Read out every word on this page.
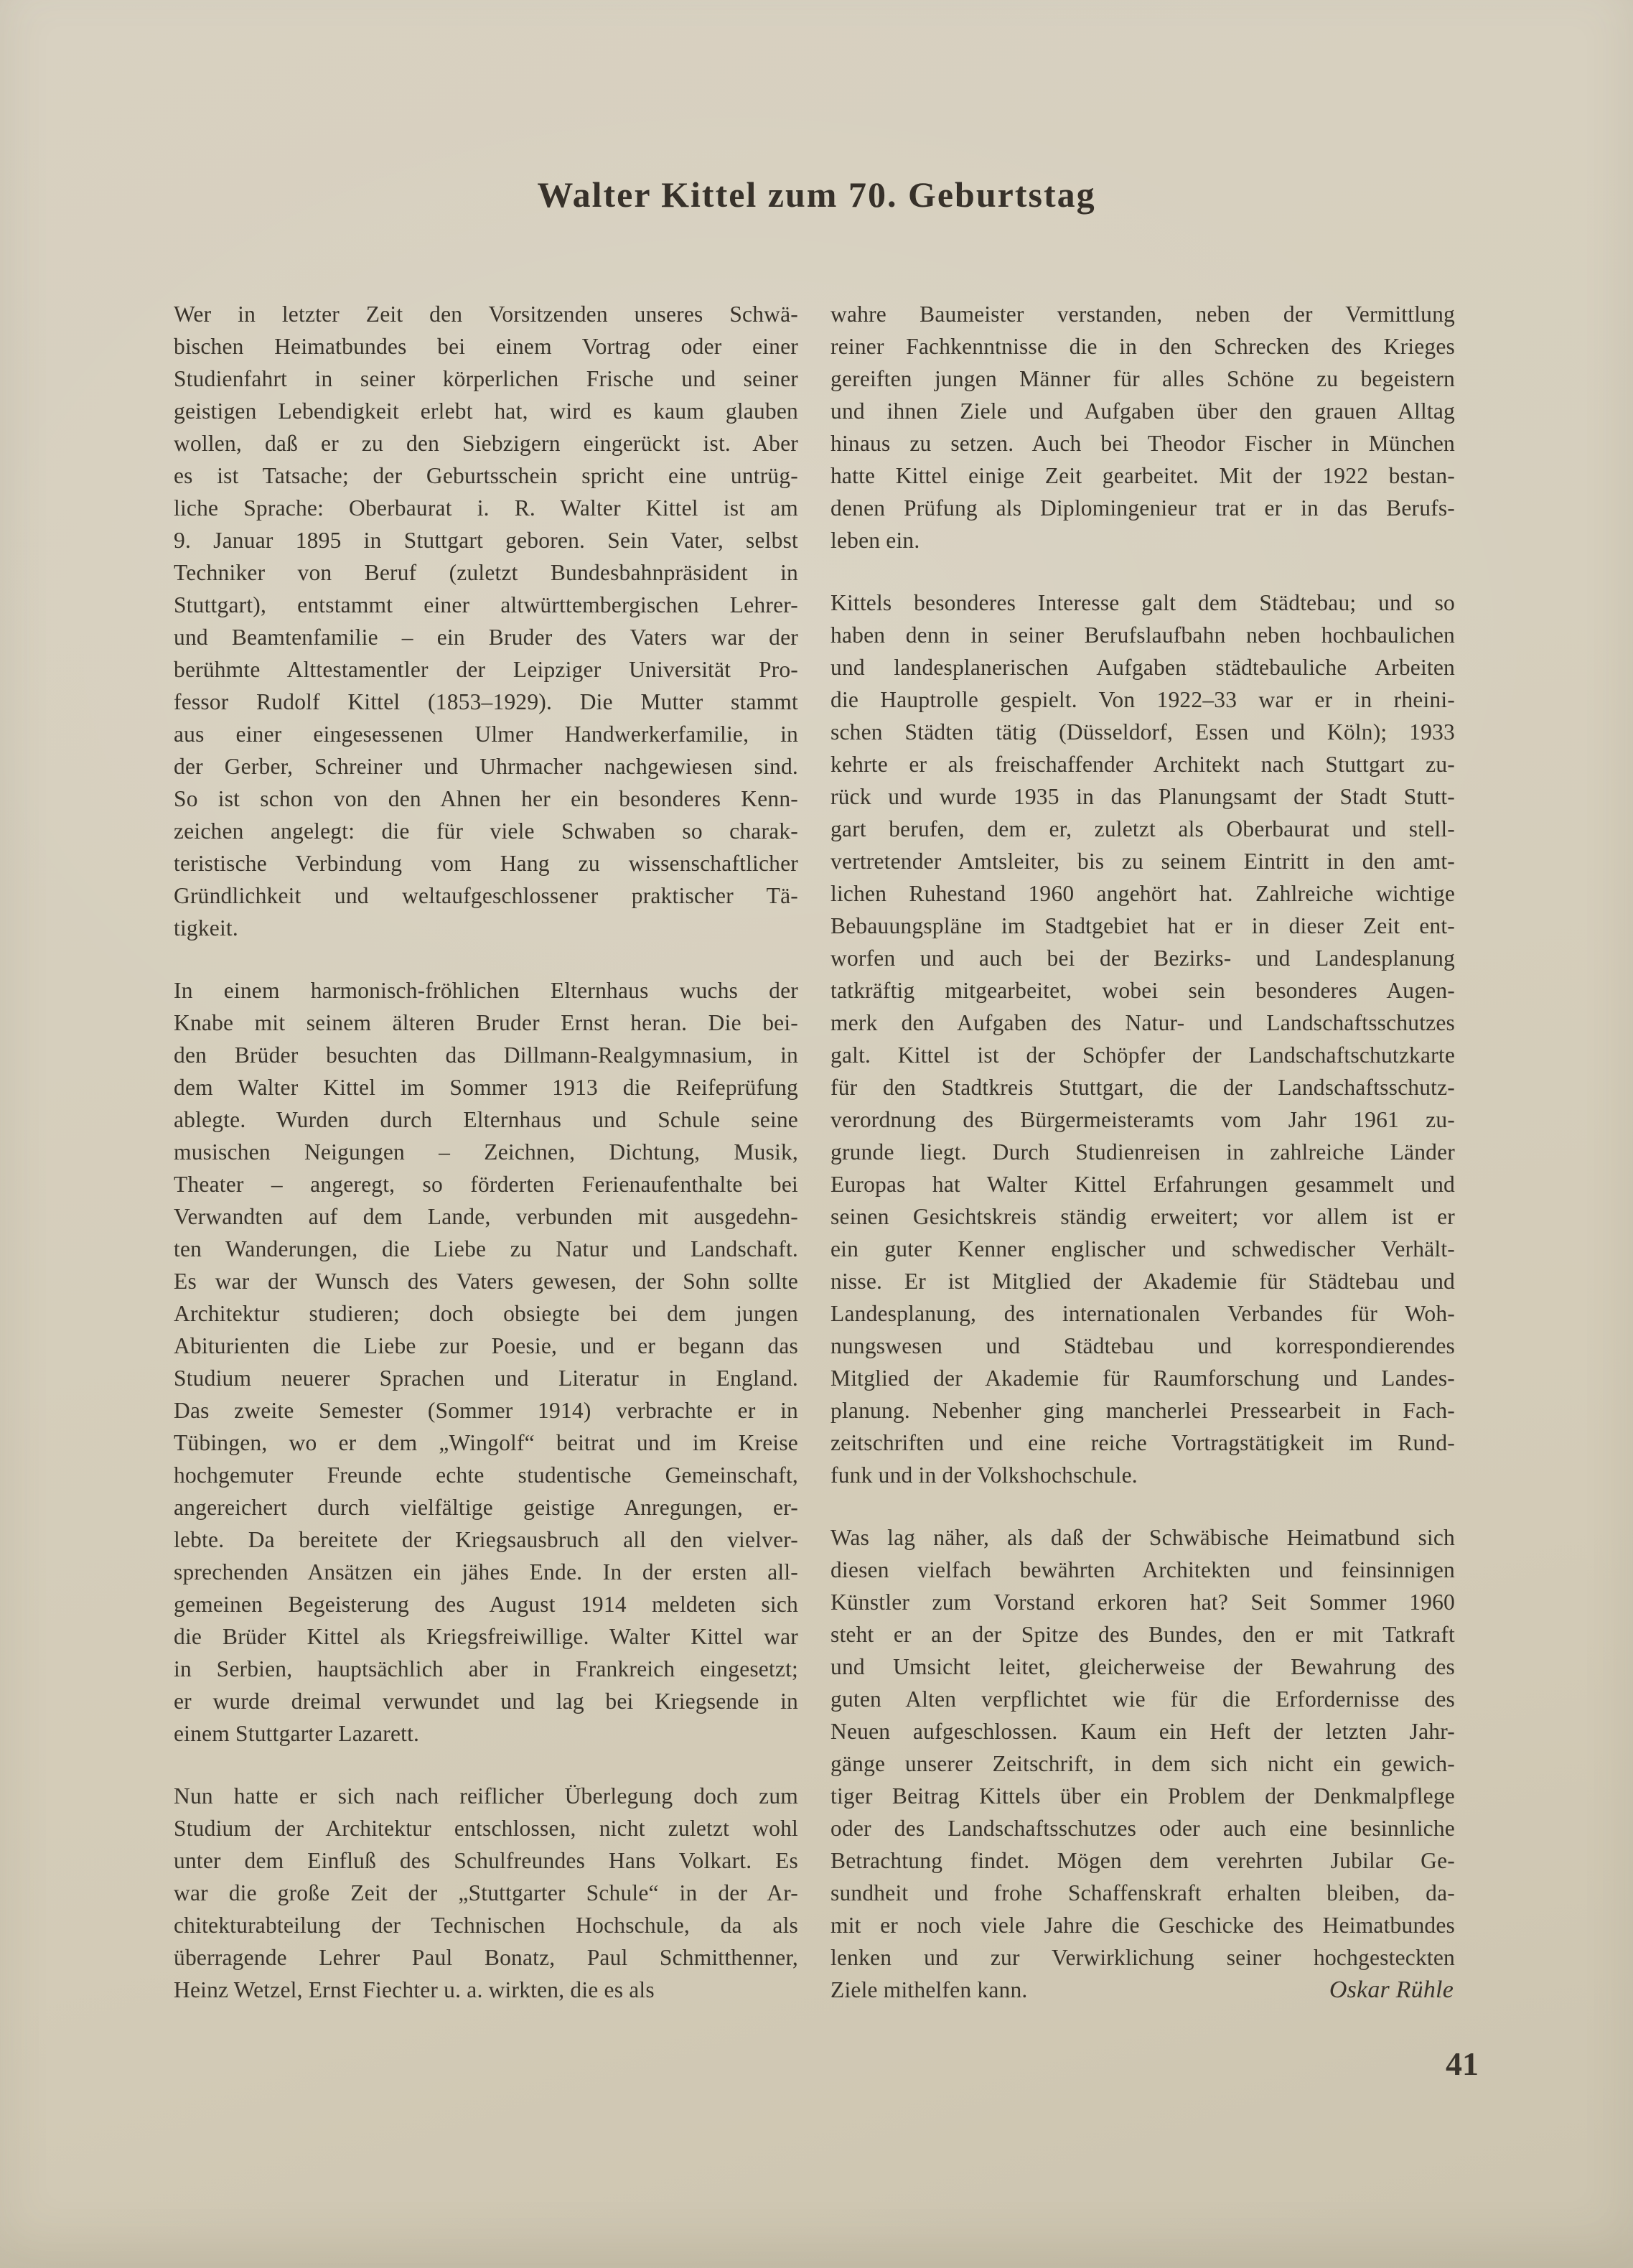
Walter Kittel zum 70. Geburtstag
Wer in letzter Zeit den Vorsitzenden unseres Schwä-
bischen Heimatbundes bei einem Vortrag oder einer
Studienfahrt in seiner körperlichen Frische und seiner
geistigen Lebendigkeit erlebt hat, wird es kaum glauben
wollen, daß er zu den Siebzigern eingerückt ist. Aber
es ist Tatsache; der Geburtsschein spricht eine untrüg-
liche Sprache: Oberbaurat i. R. Walter Kittel ist am
9. Januar 1895 in Stuttgart geboren. Sein Vater, selbst
Techniker von Beruf (zuletzt Bundesbahnpräsident in
Stuttgart), entstammt einer altwürttembergischen Lehrer-
und Beamtenfamilie – ein Bruder des Vaters war der
berühmte Alttestamentler der Leipziger Universität Pro-
fessor Rudolf Kittel (1853–1929). Die Mutter stammt
aus einer eingesessenen Ulmer Handwerkerfamilie, in
der Gerber, Schreiner und Uhrmacher nachgewiesen sind.
So ist schon von den Ahnen her ein besonderes Kenn-
zeichen angelegt: die für viele Schwaben so charak-
teristische Verbindung vom Hang zu wissenschaftlicher
Gründlichkeit und weltaufgeschlossener praktischer Tä-
tigkeit.
In einem harmonisch-fröhlichen Elternhaus wuchs der
Knabe mit seinem älteren Bruder Ernst heran. Die bei-
den Brüder besuchten das Dillmann-Realgymnasium, in
dem Walter Kittel im Sommer 1913 die Reifeprüfung
ablegte. Wurden durch Elternhaus und Schule seine
musischen Neigungen – Zeichnen, Dichtung, Musik,
Theater – angeregt, so förderten Ferienaufenthalte bei
Verwandten auf dem Lande, verbunden mit ausgedehn-
ten Wanderungen, die Liebe zu Natur und Landschaft.
Es war der Wunsch des Vaters gewesen, der Sohn sollte
Architektur studieren; doch obsiegte bei dem jungen
Abiturienten die Liebe zur Poesie, und er begann das
Studium neuerer Sprachen und Literatur in England.
Das zweite Semester (Sommer 1914) verbrachte er in
Tübingen, wo er dem „Wingolf“ beitrat und im Kreise
hochgemuter Freunde echte studentische Gemeinschaft,
angereichert durch vielfältige geistige Anregungen, er-
lebte. Da bereitete der Kriegsausbruch all den vielver-
sprechenden Ansätzen ein jähes Ende. In der ersten all-
gemeinen Begeisterung des August 1914 meldeten sich
die Brüder Kittel als Kriegsfreiwillige. Walter Kittel war
in Serbien, hauptsächlich aber in Frankreich eingesetzt;
er wurde dreimal verwundet und lag bei Kriegsende in
einem Stuttgarter Lazarett.
Nun hatte er sich nach reiflicher Überlegung doch zum
Studium der Architektur entschlossen, nicht zuletzt wohl
unter dem Einfluß des Schulfreundes Hans Volkart. Es
war die große Zeit der „Stuttgarter Schule“ in der Ar-
chitekturabteilung der Technischen Hochschule, da als
überragende Lehrer Paul Bonatz, Paul Schmitthenner,
Heinz Wetzel, Ernst Fiechter u. a. wirkten, die es als
wahre Baumeister verstanden, neben der Vermittlung
reiner Fachkenntnisse die in den Schrecken des Krieges
gereiften jungen Männer für alles Schöne zu begeistern
und ihnen Ziele und Aufgaben über den grauen Alltag
hinaus zu setzen. Auch bei Theodor Fischer in München
hatte Kittel einige Zeit gearbeitet. Mit der 1922 bestan-
denen Prüfung als Diplomingenieur trat er in das Berufs-
leben ein.
Kittels besonderes Interesse galt dem Städtebau; und so
haben denn in seiner Berufslaufbahn neben hochbaulichen
und landesplanerischen Aufgaben städtebauliche Arbeiten
die Hauptrolle gespielt. Von 1922–33 war er in rheini-
schen Städten tätig (Düsseldorf, Essen und Köln); 1933
kehrte er als freischaffender Architekt nach Stuttgart zu-
rück und wurde 1935 in das Planungsamt der Stadt Stutt-
gart berufen, dem er, zuletzt als Oberbaurat und stell-
vertretender Amtsleiter, bis zu seinem Eintritt in den amt-
lichen Ruhestand 1960 angehört hat. Zahlreiche wichtige
Bebauungspläne im Stadtgebiet hat er in dieser Zeit ent-
worfen und auch bei der Bezirks- und Landesplanung
tatkräftig mitgearbeitet, wobei sein besonderes Augen-
merk den Aufgaben des Natur- und Landschaftsschutzes
galt. Kittel ist der Schöpfer der Landschaftschutzkarte
für den Stadtkreis Stuttgart, die der Landschaftsschutz-
verordnung des Bürgermeisteramts vom Jahr 1961 zu-
grunde liegt. Durch Studienreisen in zahlreiche Länder
Europas hat Walter Kittel Erfahrungen gesammelt und
seinen Gesichtskreis ständig erweitert; vor allem ist er
ein guter Kenner englischer und schwedischer Verhält-
nisse. Er ist Mitglied der Akademie für Städtebau und
Landesplanung, des internationalen Verbandes für Woh-
nungswesen und Städtebau und korrespondierendes
Mitglied der Akademie für Raumforschung und Landes-
planung. Nebenher ging mancherlei Pressearbeit in Fach-
zeitschriften und eine reiche Vortragstätigkeit im Rund-
funk und in der Volkshochschule.
Was lag näher, als daß der Schwäbische Heimatbund sich
diesen vielfach bewährten Architekten und feinsinnigen
Künstler zum Vorstand erkoren hat? Seit Sommer 1960
steht er an der Spitze des Bundes, den er mit Tatkraft
und Umsicht leitet, gleicherweise der Bewahrung des
guten Alten verpflichtet wie für die Erfordernisse des
Neuen aufgeschlossen. Kaum ein Heft der letzten Jahr-
gänge unserer Zeitschrift, in dem sich nicht ein gewich-
tiger Beitrag Kittels über ein Problem der Denkmalpflege
oder des Landschaftsschutzes oder auch eine besinnliche
Betrachtung findet. Mögen dem verehrten Jubilar Ge-
sundheit und frohe Schaffenskraft erhalten bleiben, da-
mit er noch viele Jahre die Geschicke des Heimatbundes
lenken und zur Verwirklichung seiner hochgesteckten
Ziele mithelfen kann.	Oskar Rühle
41
